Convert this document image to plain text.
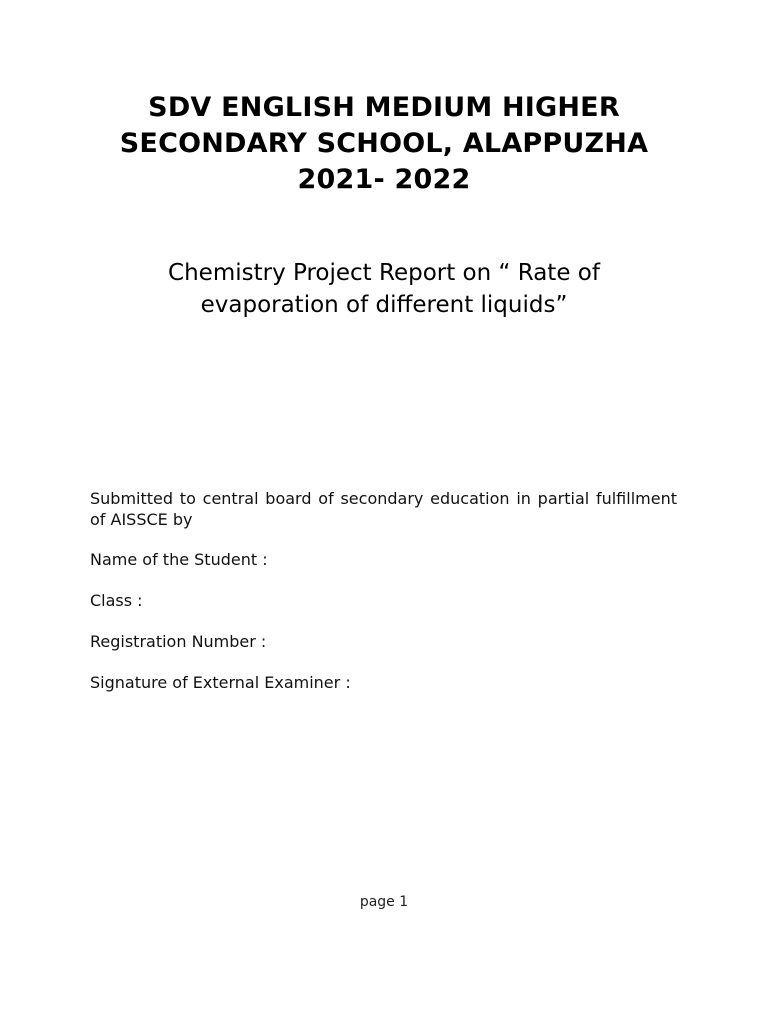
SDV ENGLISH MEDIUM HIGHER
SECONDARY SCHOOL, ALAPPUZHA
2021- 2022
Chemistry Project Report on “ Rate of
evaporation of different liquids”

Submitted to central board of secondary education in partial fulfillment of AISSCE by

Name of the Student :
Class :
Registration Number :
Signature of External Examiner :
page 1
